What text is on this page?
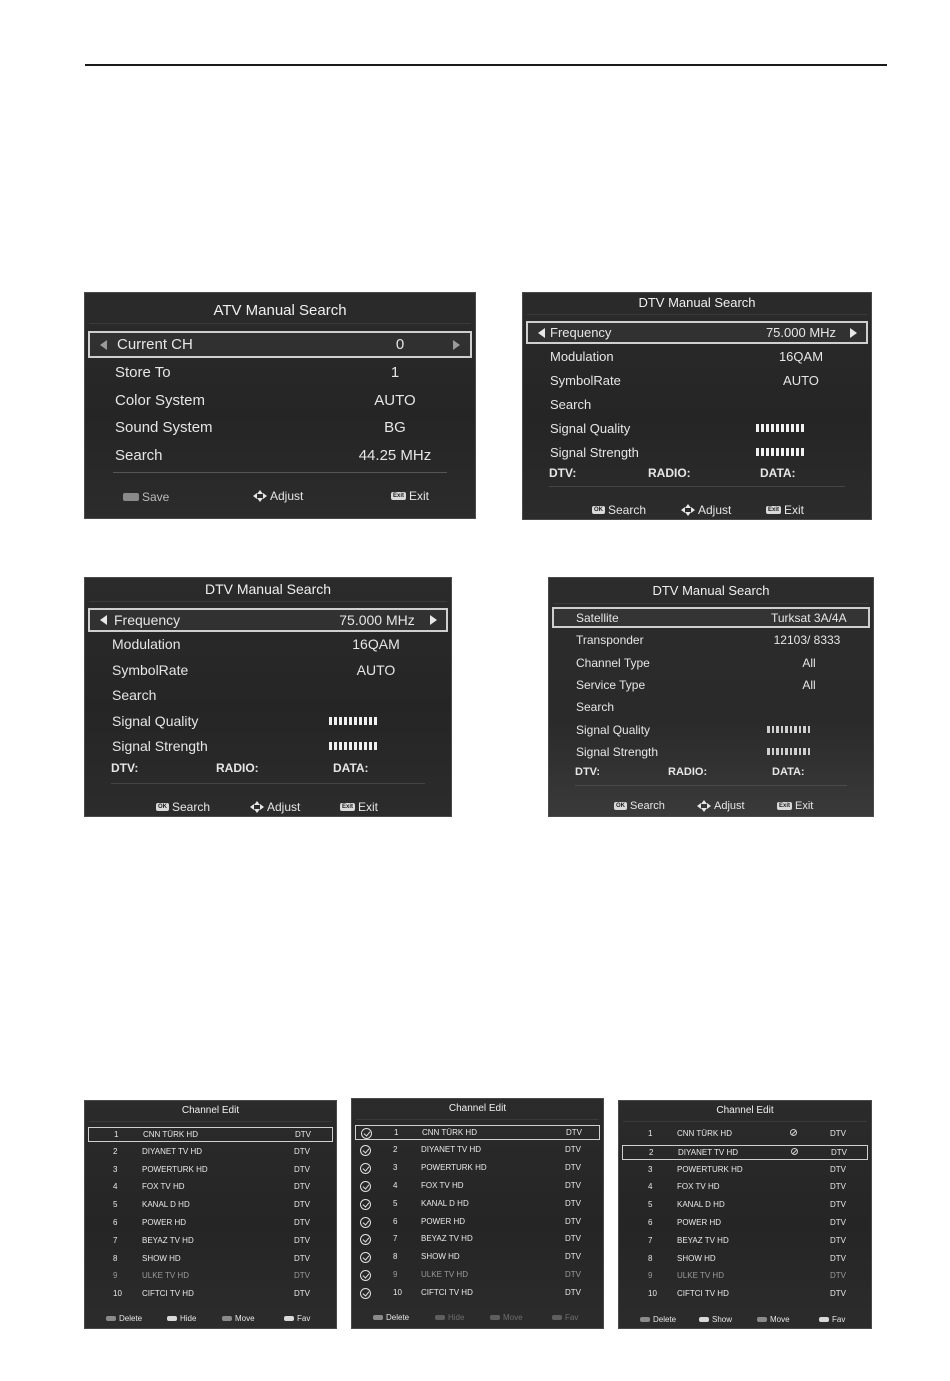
ATV Manual Search
Current CH	0
Store To	1
Color System	AUTO
Sound System	BG
Search	44.25 MHz
Save	Adjust	Exit Exit
DTV Manual Search
Frequency	75.000 MHz
Modulation	16QAM
SymbolRate	AUTO
Search
Signal Quality
Signal Strength
DTV:	RADIO:	DATA:
OK Search	Adjust	Exit Exit
DTV Manual Search
Frequency	75.000 MHz
Modulation	16QAM
SymbolRate	AUTO
Search
Signal Quality
Signal Strength
DTV:	RADIO:	DATA:
OK Search	Adjust	Exit Exit
DTV Manual Search
Satellite	Turksat 3A/4A
Transponder	12103/ 8333
Channel Type	All
Service Type	All
Search
Signal Quality
Signal Strength
DTV:	RADIO:	DATA:
OK Search	Adjust	Exit Exit
Channel Edit
1	CNN TÜRK HD	DTV
2	DIYANET TV HD	DTV
3	POWERTURK HD	DTV
4	FOX TV HD	DTV
5	KANAL D HD	DTV
6	POWER HD	DTV
7	BEYAZ TV HD	DTV
8	SHOW HD	DTV
9	ULKE TV HD	DTV
10	CIFTCI TV HD	DTV
Delete	Hide	Move	Fav
Channel Edit
1	CNN TÜRK HD	DTV
2	DIYANET TV HD	DTV
3	POWERTURK HD	DTV
4	FOX TV HD	DTV
5	KANAL D HD	DTV
6	POWER HD	DTV
7	BEYAZ TV HD	DTV
8	SHOW HD	DTV
9	ULKE TV HD	DTV
10 CIFTCI TV HD	DTV
Delete	Hide	Move	Fav
Channel Edit
1	CNN TÜRK HD	DTV
2	DIYANET TV HD	DTV
3	POWERTURK HD	DTV
4	FOX TV HD	DTV
5	KANAL D HD	DTV
6	POWER HD	DTV
7	BEYAZ TV HD	DTV
8	SHOW HD	DTV
9	ULKE TV HD	DTV
10	CIFTCI TV HD	DTV
Delete	Show	Move	Fav
